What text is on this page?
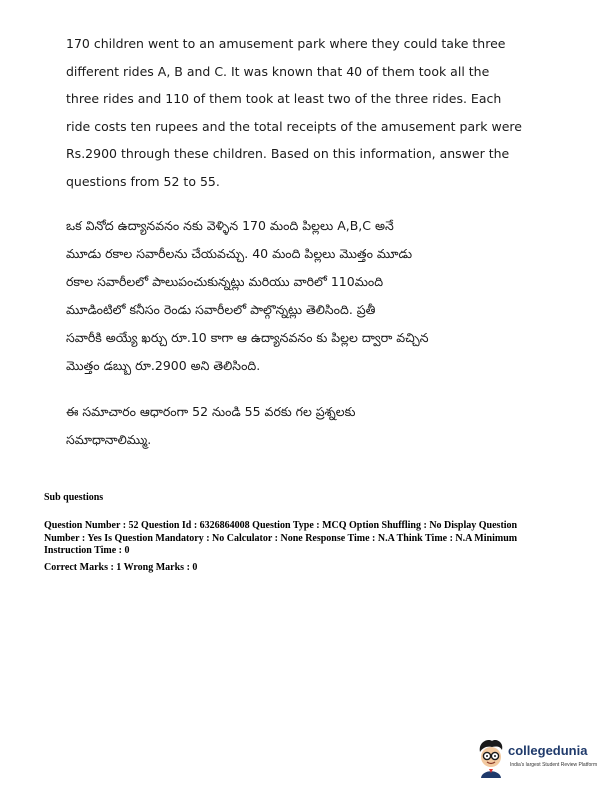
170 children went to an amusement park where they could take three
different rides A, B and C. It was known that 40 of them took all the
three rides and 110 of them took at least two of the three rides. Each
ride costs ten rupees and the total receipts of the amusement park were
Rs.2900 through these children. Based on this information, answer the
questions from 52 to 55.

ఒక వినోద ఉద్యానవనం నకు వెళ్ళిన 170 మంది పిల్లలు A,B,C అనే
మూడు రకాల సవారీలను చేయవచ్చు. 40 మంది పిల్లలు మొత్తం మూడు
రకాల సవారీలలో పాలుపంచుకున్నట్లు మరియు వారిలో 110మంది
మూడింటిలో కనీసం రెండు సవారీలలో పాల్గొన్నట్లు తెలిసింది. ప్రతీ
సవారీకి అయ్యే ఖర్చు రూ.10 కాగా ఆ ఉద్యానవనం కు పిల్లల ద్వారా వచ్చిన
మొత్తం డబ్బు రూ.2900 అని తెలిసింది.

ఈ సమాచారం ఆధారంగా 52 నుండి 55 వరకు గల ప్రశ్నలకు
సమాధానాలిమ్ము.

Sub questions

Question Number : 52 Question Id : 6326864008 Question Type : MCQ Option Shuffling : No Display Question
Number : Yes Is Question Mandatory : No Calculator : None Response Time : N.A Think Time : N.A Minimum
Instruction Time : 0

Correct Marks : 1 Wrong Marks : 0

collegedunia
India's largest Student Review Platform
